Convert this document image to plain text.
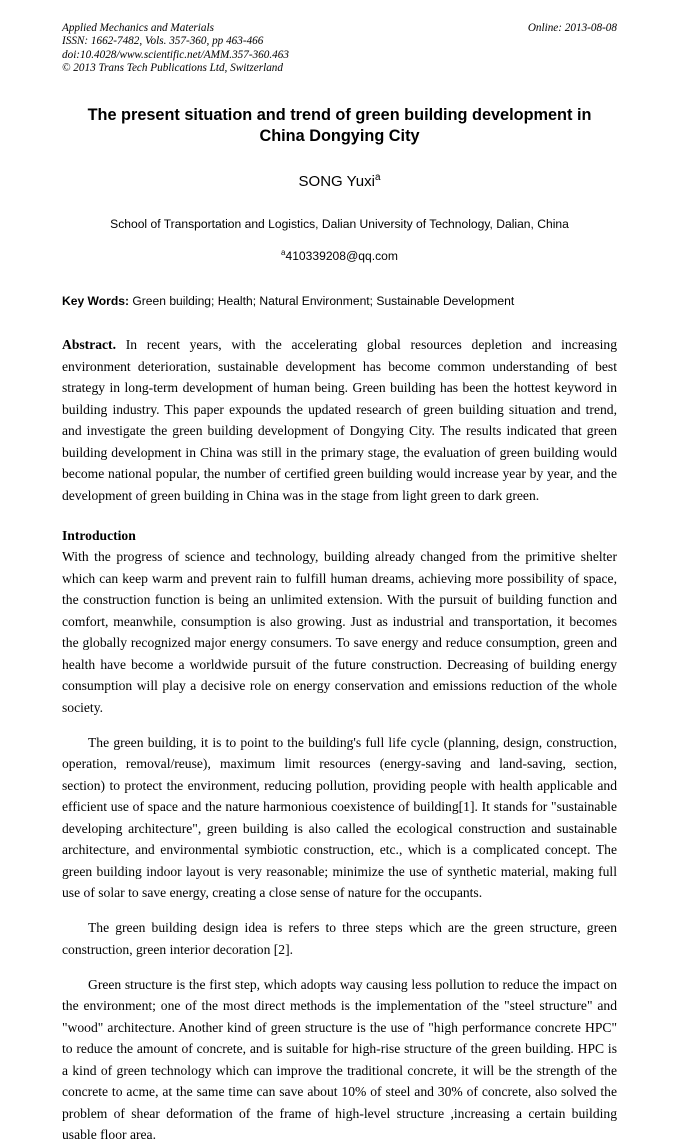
Applied Mechanics and Materials
ISSN: 1662-7482, Vols. 357-360, pp 463-466
doi:10.4028/www.scientific.net/AMM.357-360.463
© 2013 Trans Tech Publications Ltd, Switzerland
Online: 2013-08-08
The present situation and trend of green building development in China Dongying City
SONG Yuxi$^a$
School of Transportation and Logistics, Dalian University of Technology, Dalian, China
$^a$410339208@qq.com
Key Words: Green building; Health; Natural Environment; Sustainable Development
Abstract. In recent years, with the accelerating global resources depletion and increasing environment deterioration, sustainable development has become common understanding of best strategy in long-term development of human being. Green building has been the hottest keyword in building industry. This paper expounds the updated research of green building situation and trend, and investigate the green building development of Dongying City. The results indicated that green building development in China was still in the primary stage, the evaluation of green building would become national popular, the number of certified green building would increase year by year, and the development of green building in China was in the stage from light green to dark green.
Introduction

With the progress of science and technology, building already changed from the primitive shelter which can keep warm and prevent rain to fulfill human dreams, achieving more possibility of space, the construction function is being an unlimited extension. With the pursuit of building function and comfort, meanwhile, consumption is also growing. Just as industrial and transportation, it becomes the globally recognized major energy consumers. To save energy and reduce consumption, green and health have become a worldwide pursuit of the future construction. Decreasing of building energy consumption will play a decisive role on energy conservation and emissions reduction of the whole society.

The green building, it is to point to the building's full life cycle (planning, design, construction, operation, removal/reuse), maximum limit resources (energy-saving and land-saving, section, section) to protect the environment, reducing pollution, providing people with health applicable and efficient use of space and the nature harmonious coexistence of building[1]. It stands for "sustainable developing architecture", green building is also called the ecological construction and sustainable architecture, and environmental symbiotic construction, etc., which is a complicated concept. The green building indoor layout is very reasonable; minimize the use of synthetic material, making full use of solar to save energy, creating a close sense of nature for the occupants.

The green building design idea is refers to three steps which are the green structure, green construction, green interior decoration [2].

Green structure is the first step, which adopts way causing less pollution to reduce the impact on the environment; one of the most direct methods is the implementation of the "steel structure" and "wood" architecture. Another kind of green structure is the use of "high performance concrete HPC" to reduce the amount of concrete, and is suitable for high-rise structure of the green building. HPC is a kind of green technology which can improve the traditional concrete, it will be the strength of the concrete to acme, at the same time can save about 10% of steel and 30% of concrete, also solved the problem of shear deformation of the frame of high-level structure ,increasing a certain building usable floor area.
